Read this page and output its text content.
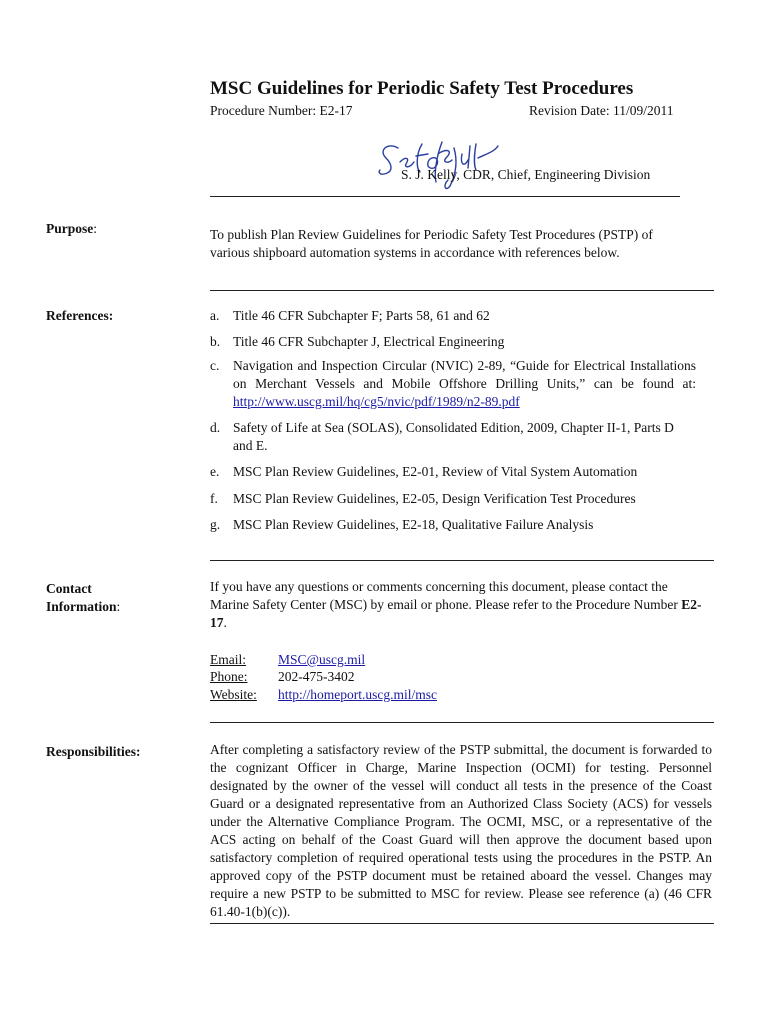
MSC Guidelines for Periodic Safety Test Procedures
Procedure Number: E2-17	Revision Date: 11/09/2011
S. J. Kelly, CDR, Chief, Engineering Division
Purpose:	To publish Plan Review Guidelines for Periodic Safety Test Procedures (PSTP) of various shipboard automation systems in accordance with references below.
References:	a. Title 46 CFR Subchapter F; Parts 58, 61 and 62
b. Title 46 CFR Subchapter J, Electrical Engineering
c. Navigation and Inspection Circular (NVIC) 2-89, “Guide for Electrical Installations on Merchant Vessels and Mobile Offshore Drilling Units,” can be found at: http://www.uscg.mil/hq/cg5/nvic/pdf/1989/n2-89.pdf
d. Safety of Life at Sea (SOLAS), Consolidated Edition, 2009, Chapter II-1, Parts D and E.
e. MSC Plan Review Guidelines, E2-01, Review of Vital System Automation
f. MSC Plan Review Guidelines, E2-05, Design Verification Test Procedures
g. MSC Plan Review Guidelines, E2-18, Qualitative Failure Analysis
Contact
Information:
If you have any questions or comments concerning this document, please contact the Marine Safety Center (MSC) by email or phone. Please refer to the Procedure Number E2-17.
Email: MSC@uscg.mil
Phone: 202-475-3402
Website: http://homeport.uscg.mil/msc
Responsibilities:	After completing a satisfactory review of the PSTP submittal, the document is forwarded to the cognizant Officer in Charge, Marine Inspection (OCMI) for testing. Personnel designated by the owner of the vessel will conduct all tests in the presence of the Coast Guard or a designated representative from an Authorized Class Society (ACS) for vessels under the Alternative Compliance Program. The OCMI, MSC, or a representative of the ACS acting on behalf of the Coast Guard will then approve the document based upon satisfactory completion of required operational tests using the procedures in the PSTP. An approved copy of the PSTP document must be retained aboard the vessel. Changes may require a new PSTP to be submitted to MSC for review. Please see reference (a) (46 CFR 61.40-1(b)(c)).
